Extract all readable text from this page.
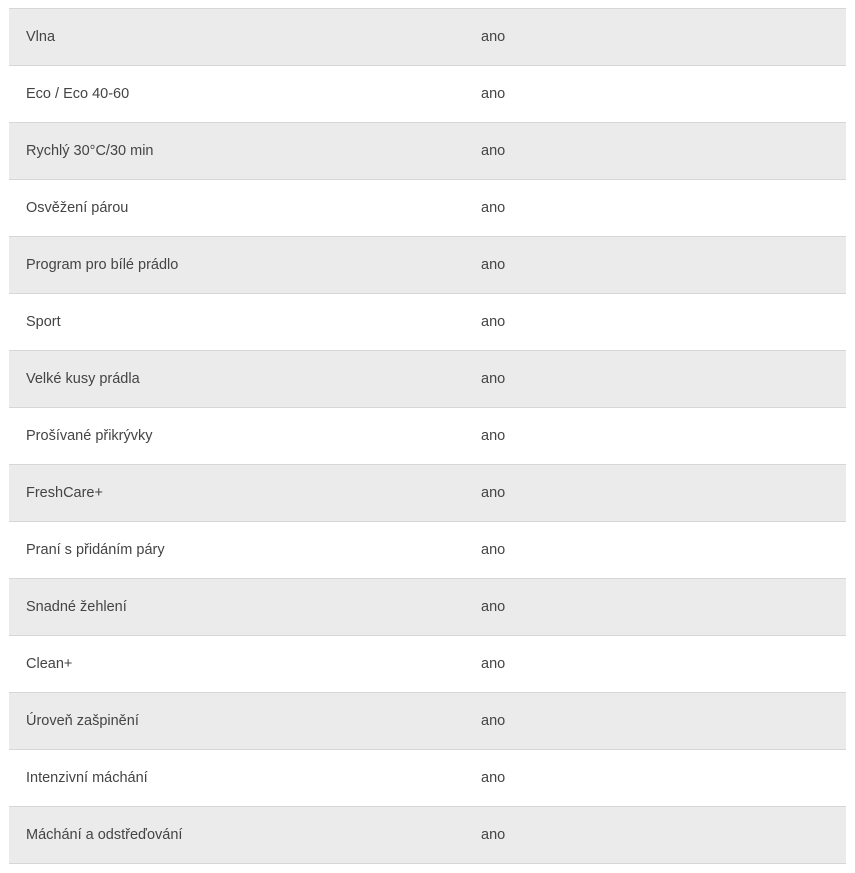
Vlna	ano
Eco / Eco 40-60	ano
Rychlý 30°C/30 min	ano
Osvěžení párou	ano
Program pro bílé prádlo	ano
Sport	ano
Velké kusy prádla	ano
Prošívané přikrývky	ano
FreshCare+	ano
Praní s přidáním páry	ano
Snadné žehlení	ano
Clean+	ano
Úroveň zašpinění	ano
Intenzivní máchání	ano
Máchání a odstřeďování	ano
